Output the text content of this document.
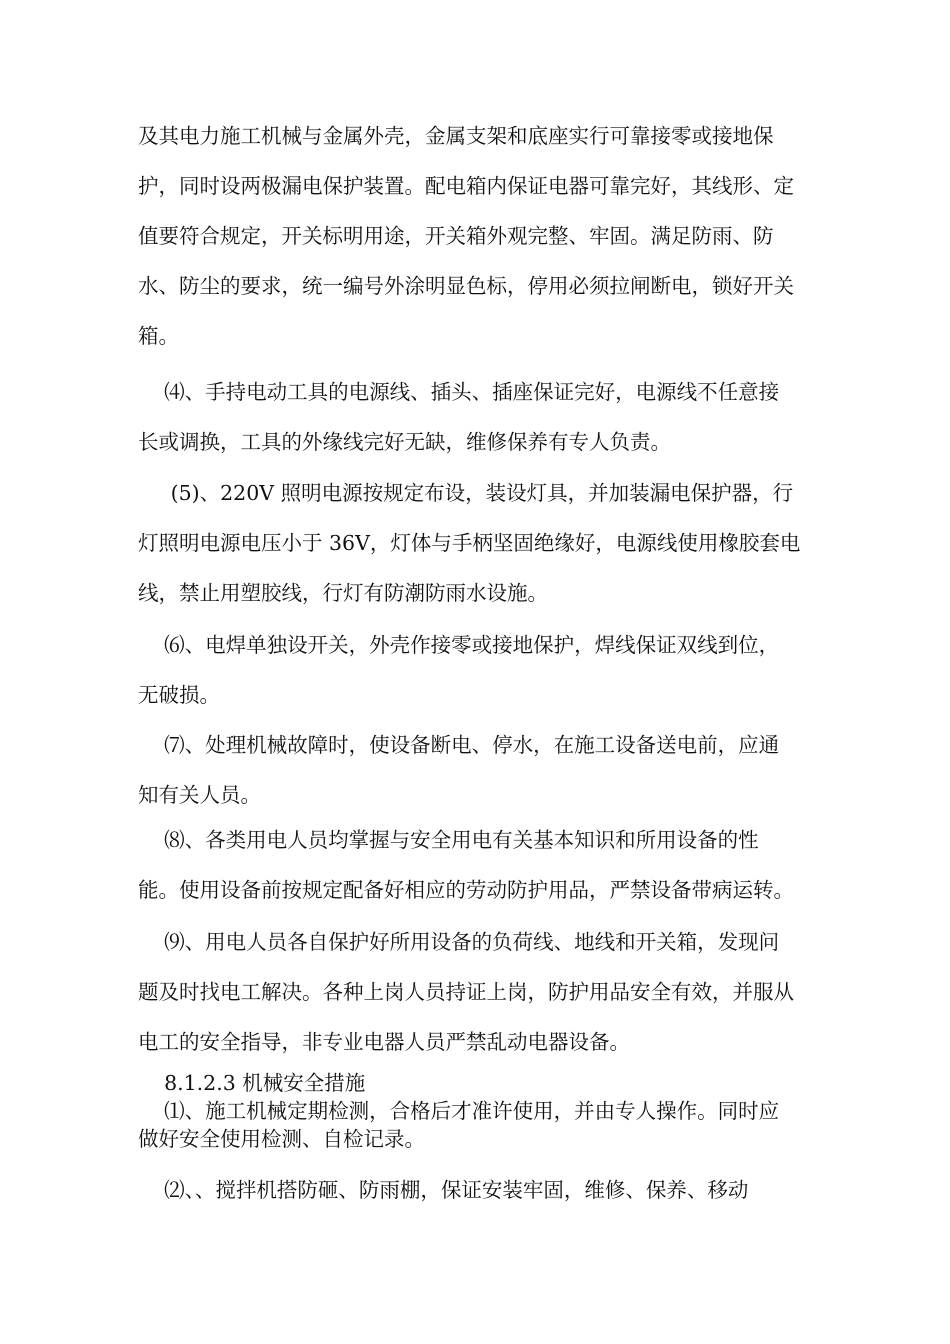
及其电力施工机械与金属外壳，金属支架和底座实行可靠接零或接地保
护，同时设两极漏电保护装置。配电箱内保证电器可靠完好，其线形、定
值要符合规定，开关标明用途，开关箱外观完整、牢固。满足防雨、防
水、防尘的要求，统一编号外涂明显色标，停用必须拉闸断电，锁好开关
箱。
⑷、手持电动工具的电源线、插头、插座保证完好，电源线不任意接
长或调换，工具的外缘线完好无缺，维修保养有专人负责。
(5)、220V 照明电源按规定布设，装设灯具，并加装漏电保护器，行
灯照明电源电压小于 36V，灯体与手柄坚固绝缘好，电源线使用橡胶套电
线，禁止用塑胶线，行灯有防潮防雨水设施。
⑹、电焊单独设开关，外壳作接零或接地保护，焊线保证双线到位，
无破损。
⑺、处理机械故障时，使设备断电、停水，在施工设备送电前，应通
知有关人员。
⑻、各类用电人员均掌握与安全用电有关基本知识和所用设备的性
能。使用设备前按规定配备好相应的劳动防护用品，严禁设备带病运转。
⑼、用电人员各自保护好所用设备的负荷线、地线和开关箱，发现问
题及时找电工解决。各种上岗人员持证上岗，防护用品安全有效，并服从
电工的安全指导，非专业电器人员严禁乱动电器设备。
8.1.2.3 机械安全措施
⑴、施工机械定期检测，合格后才准许使用，并由专人操作。同时应
做好安全使用检测、自检记录。
⑵、、搅拌机搭防砸、防雨棚，保证安装牢固，维修、保养、移动
